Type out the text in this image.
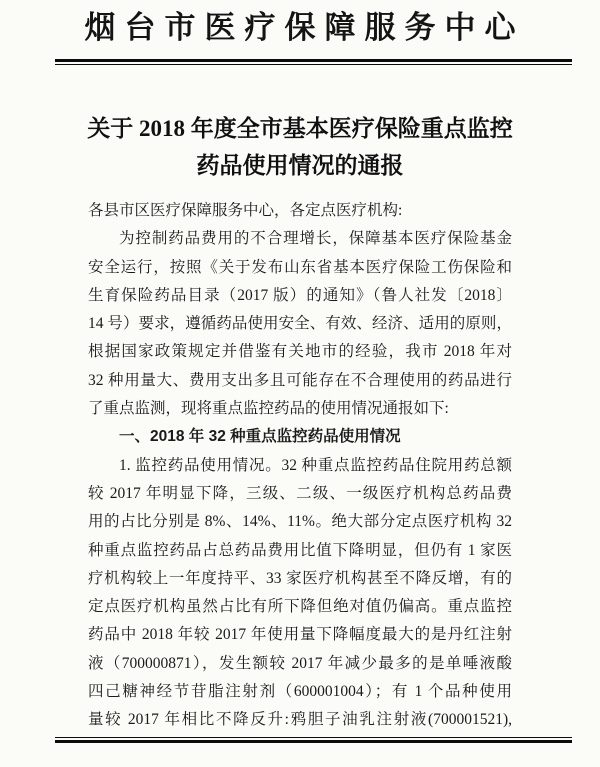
烟台市医疗保障服务中心
关于 2018 年度全市基本医疗保险重点监控
药品使用情况的通报
各县市区医疗保障服务中心，各定点医疗机构:
为控制药品费用的不合理增长，保障基本医疗保险基金
安全运行，按照《关于发布山东省基本医疗保险工伤保险和
生育保险药品目录（2017 版）的通知》（鲁人社发〔2018〕
14 号）要求，遵循药品使用安全、有效、经济、适用的原则，
根据国家政策规定并借鉴有关地市的经验，我市 2018 年对
32 种用量大、费用支出多且可能存在不合理使用的药品进行
了重点监测，现将重点监控药品的使用情况通报如下:
一、2018 年 32 种重点监控药品使用情况
1. 监控药品使用情况。32 种重点监控药品住院用药总额
较 2017 年明显下降，三级、二级、一级医疗机构总药品费
用的占比分别是 8%、14%、11%。绝大部分定点医疗机构 32
种重点监控药品占总药品费用比值下降明显，但仍有 1 家医
疗机构较上一年度持平、33 家医疗机构甚至不降反增，有的
定点医疗机构虽然占比有所下降但绝对值仍偏高。重点监控
药品中 2018 年较 2017 年使用量下降幅度最大的是丹红注射
液（700000871），发生额较 2017 年减少最多的是单唾液酸
四己糖神经节苷脂注射剂（600001004）；有 1 个品种使用
量较 2017 年相比不降反升:鸦胆子油乳注射液(700001521),
